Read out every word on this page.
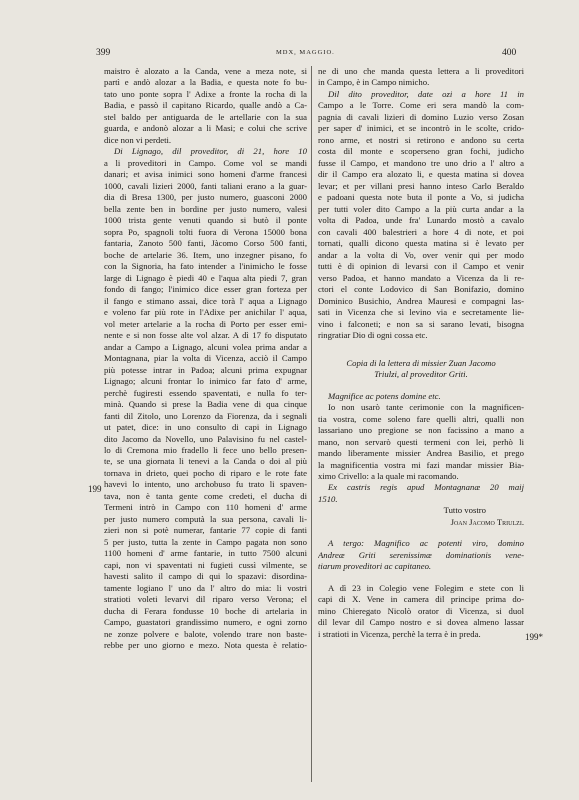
399	MDX, MAGGIO.	400
199
199*
maistro è alozato a la Canda, vene a meza note, si
partì e andò alozar a la Badia, e questa note fo bu-
tato uno ponte sopra l' Adixe a fronte la rocha di la
Badia, e passò il capitano Ricardo, qualle andò a Ca-
stel baldo per antiguarda de le artellarie con la sua
guarda, e andonò alozar a li Masi; e colui che scrive
dice non vi perdeti.
Di Lignago, dil proveditor, di 21, hore 10
a li proveditori in Campo. Come vol se mandi
danari; et avisa inimici sono homeni d'arme francesi
1000, cavali lizieri 2000, fanti taliani erano a la guar-
dia di Bresa 1300, per justo numero, guasconi 2000
bella zente ben in bordine per justo numero, valesi
1000 trista gente venuti quando si butò il ponte
sopra Po, spagnoli tolti fuora di Verona 15000 bona
fantaria, Zanoto 500 fanti, Jàcomo Corso 500 fanti,
boche de artelarie 36. Item, uno inzegner pisano, fo
con la Signoria, ha fato intender a l'inimicho le fosse
large di Lignago è piedi 40 e l'aqua alta piedi 7, gran
fondo di fango; l'inimico dice esser gran forteza per
il fango e stimano assai, dice torà l' aqua a Lignago
e voleno far più rote in l'Adixe per anichilar l' aqua,
vol meter artelarie a la rocha di Porto per esser emi-
nente e si non fosse alte vol alzar. A dì 17 fo disputato
andar a Campo a Lignago, alcuni volea prima andar a
Montagnana, piar la volta di Vicenza, acciò il Campo
più potesse intrar in Padoa; alcuni prima expugnar
Lignago; alcuni frontar lo inimico far fato d' arme,
perchè fugiresti essendo spaventati, e nulla fo ter-
minà. Quando si prese la Badia vene di qua cinque
fanti dil Zitolo, uno Lorenzo da Fiorenza, da i segnali
ut patet, dice: in uno consulto di capi in Lignago
dito Jacomo da Novello, uno Palavisino fu nel castel-
lo di Cremona mio fradello li fece uno bello presen-
te, se una giornata li tenevi a la Canda o doi al più
tornava in drieto, quei pocho di riparo e le rote fate
havevi lo intento, uno archobuso fu trato li spaven-
tava, non è tanta gente come credeti, el ducha di
Termeni intrò in Campo con 110 homeni d' arme
per justo numero computà la sua persona, cavali li-
zieri non si potè numerar, fantarie 77 copie di fanti
5 per justo, tutta la zente in Campo pagata non sono
1100 homeni d' arme fantarie, in tutto 7500 alcuni
capi, non vi spaventati ni fugieti cussì vilmente, se
havesti salito il campo di qui lo spazavi: disordina-
tamente logiano l' uno da l' altro do mia: li vostri
stratioti voleti levarvi dil riparo verso Verona; el
ducha di Ferara fondusse 10 boche di artelaria in
Campo, guastatori grandissimo numero, e ogni zorno
ne zonze polvere e balote, volendo trare non baste-
rebbe per uno giorno e mezo. Nota questa è relatio-
ne di uno che manda questa lettera a li proveditori
in Campo, è in Campo nimicho.
Dil dito proveditor, date ozi a hore 11 in
Campo a le Torre. Come eri sera mandò la com-
pagnia di cavali lizieri di domino Luzio verso Zosan
per saper d' inimici, et se incontrò in le scolte, crido-
rono arme, et nostri si retirono e andono su certa
costa dil monte e scoperseno gran fochi, judicho
fusse il Campo, et mandono tre uno drio a l' altro a
dir il Campo era alozato li, e questa matina si dovea
levar; et per villani presi hanno inteso Carlo Beraldo
e padoani questa note buta il ponte a Vo, si judicha
per tutti voler dito Campo a la più curta andar a la
volta di Padoa, unde fra' Lunardo mostò a cavalo
con cavali 400 balestrieri a hore 4 di note, et poi
tornati, qualli dicono questa matina si è levato per
andar a la volta di Vo, over venir qui per modo
tutti è di opinion di levarsi con il Campo et venir
verso Padoa, et hanno mandato a Vicenza da li re-
ctori el conte Lodovico di San Bonifazio, domino
Dominico Busichio, Andrea Mauresi e compagni las-
sati in Vicenza che si levino via e secretamente lie-
vino i falconeti; e non sa si sarano levati, bisogna
ringratiar Dio di ogni cossa etc.
Copia di la lettera di missier Zuan Jacomo
Triulzi, al proveditor Griti.
Magnifice ac potens domine etc.
Io non usarò tante cerimonie con la magnificen-
tia vostra, come soleno fare quelli altri, qualli non
lassariano uno pregione se non facissino a mano a
mano, non servarò questi termeni con lei, perhò li
mando liberamente missier Andrea Basilio, et prego
la magnificentia vostra mi fazi mandar missier Bia-
ximo Crivello: a la quale mi racomando.
Ex castris regis apud Montagnanæ 20 maij
1510.
Tutto vostro
Joan Jacomo Triulzi.
A tergo: Magnifico ac potenti viro, domino
Andreæ Griti serenissimæ dominationis vene-
tiarum proveditori ac capitaneo.
A dì 23 in Colegio vene Folegim e stete con li
capi di X. Vene in camera dil principe prima do-
mino Chieregato Nicolò orator di Vicenza, si duol
dil levar dil Campo nostro e si dovea almeno lassar
i stratioti in Vicenza, perchè la terra è in preda.
